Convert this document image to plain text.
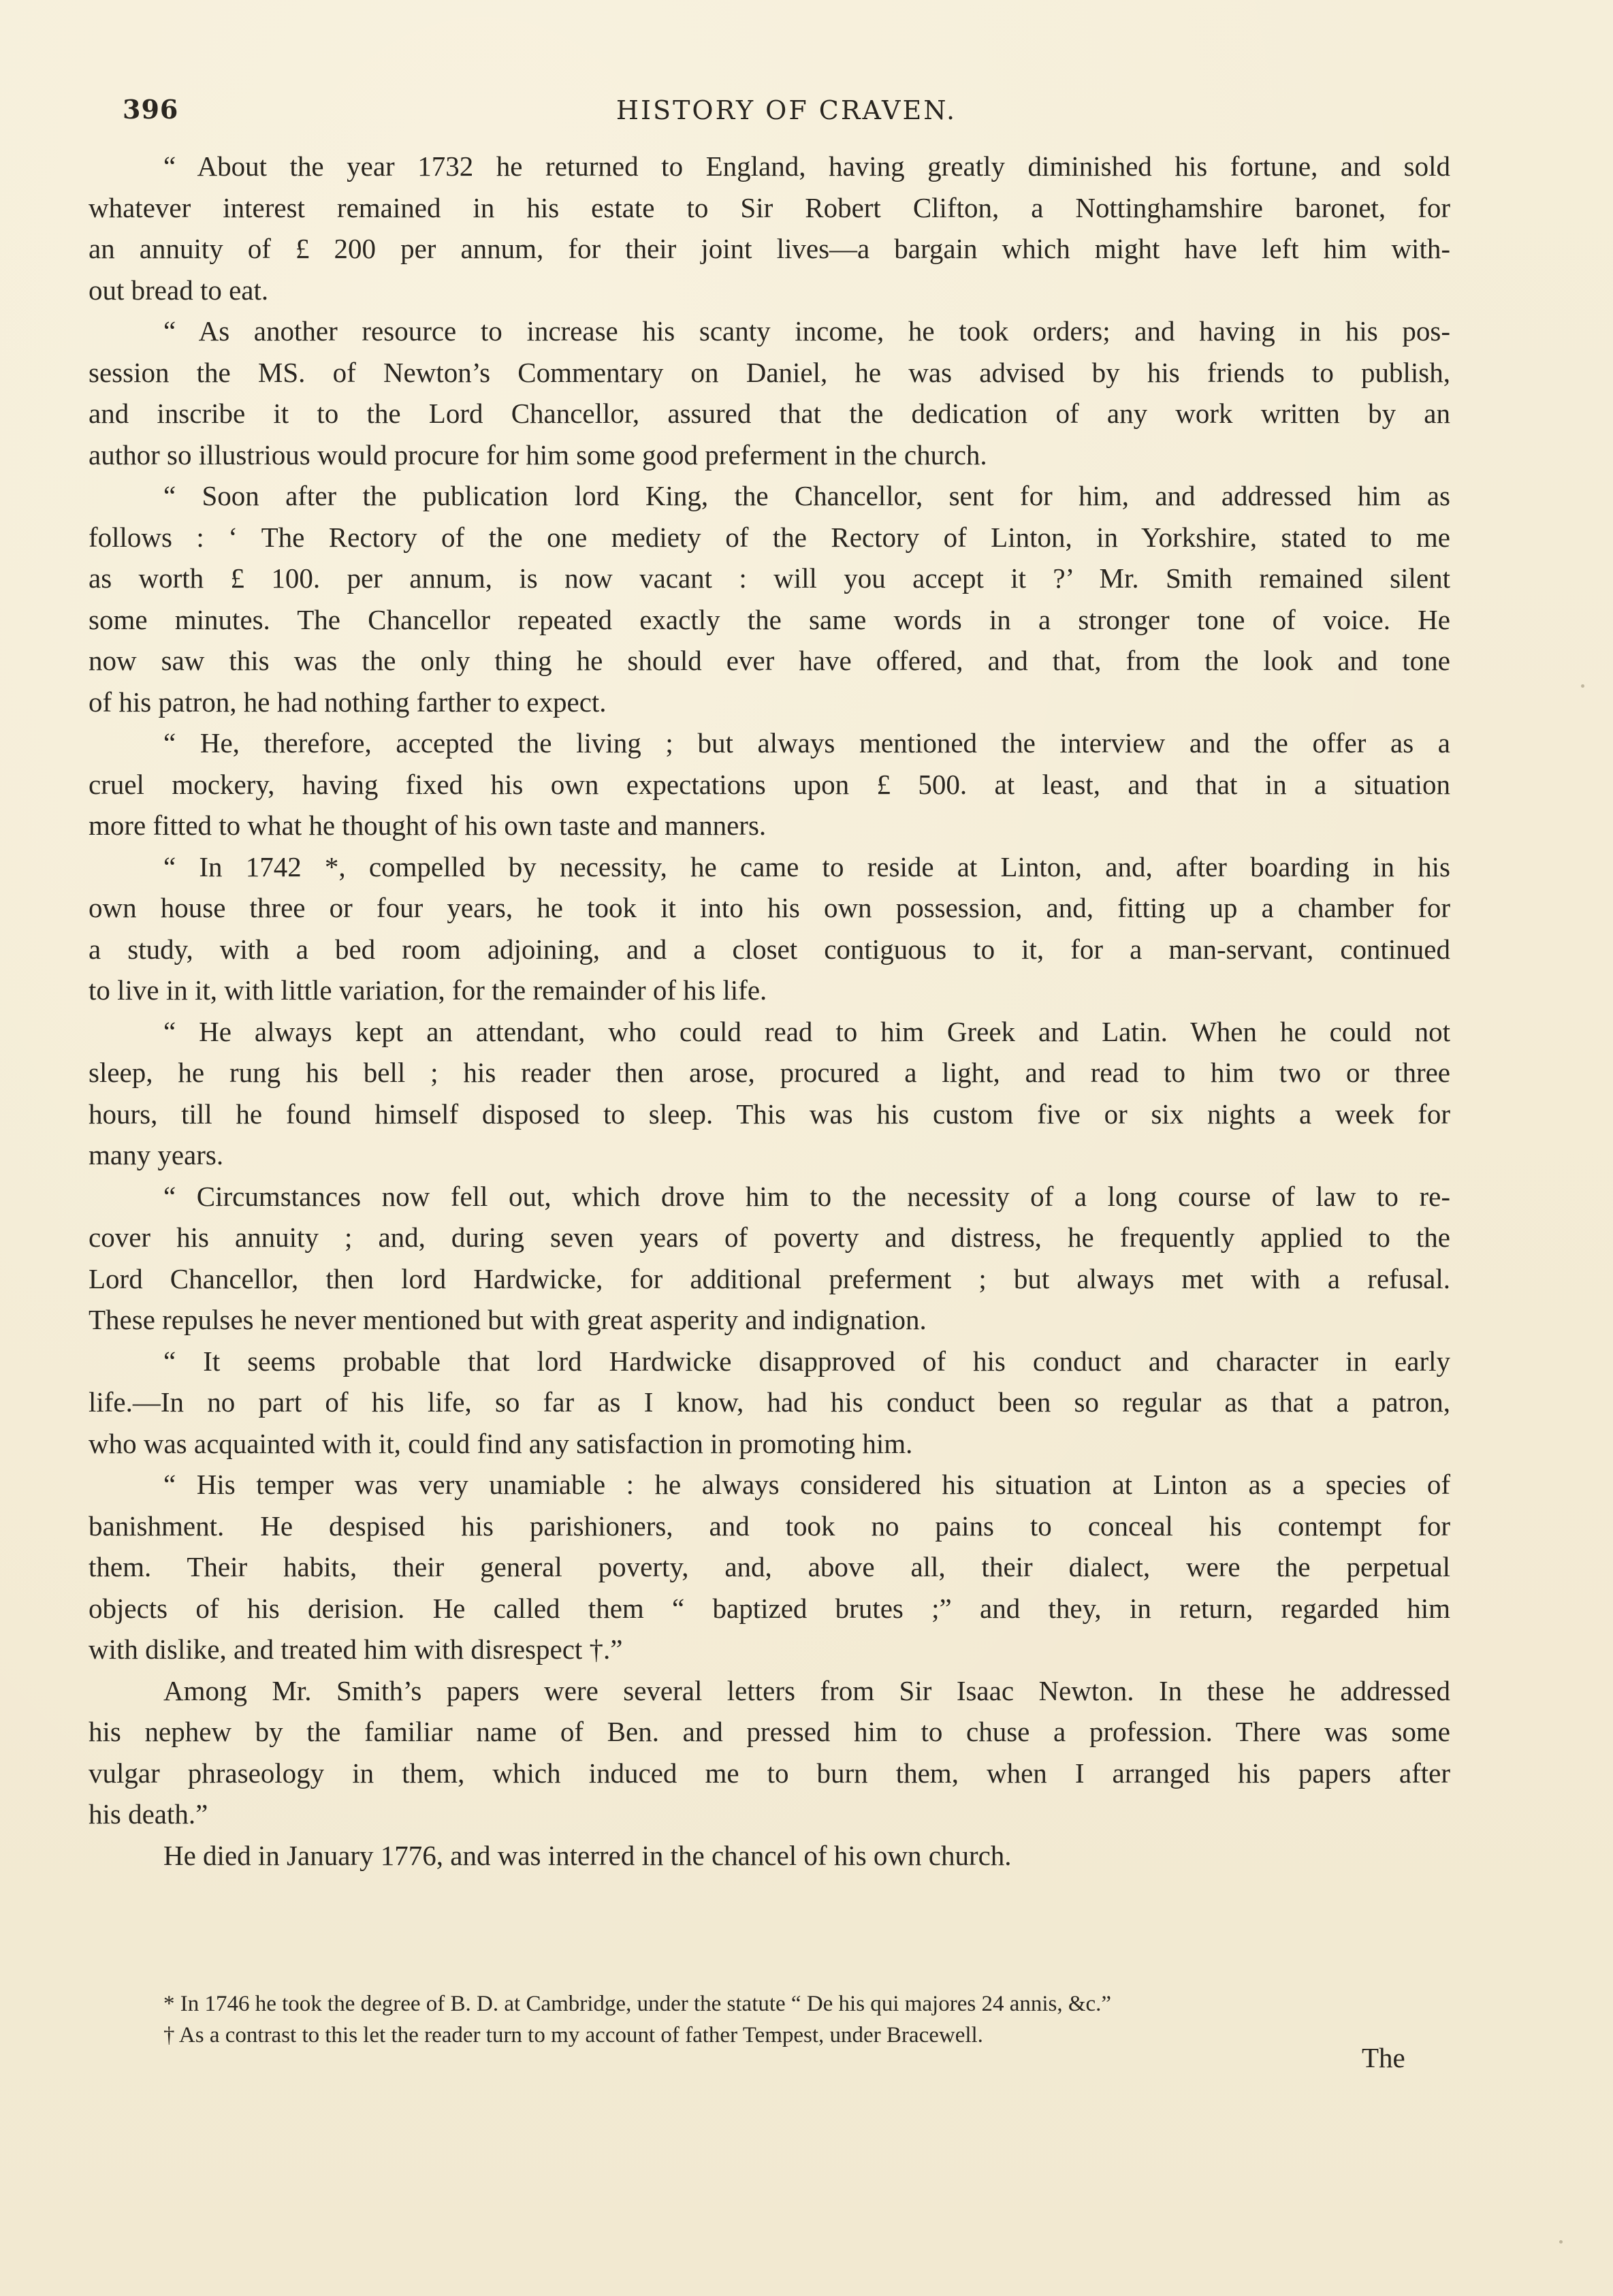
396	HISTORY OF CRAVEN.

“ About the year 1732 he returned to England, having greatly diminished his fortune, and sold
whatever interest remained in his estate to Sir Robert Clifton, a Nottinghamshire baronet, for
an annuity of £ 200 per annum, for their joint lives—a bargain which might have left him with-
out bread to eat.

“ As another resource to increase his scanty income, he took orders; and having in his pos-
session the MS. of Newton’s Commentary on Daniel, he was advised by his friends to publish,
and inscribe it to the Lord Chancellor, assured that the dedication of any work written by an
author so illustrious would procure for him some good preferment in the church.

“ Soon after the publication lord King, the Chancellor, sent for him, and addressed him as
follows : ‘ The Rectory of the one mediety of the Rectory of Linton, in Yorkshire, stated to me
as worth £ 100. per annum, is now vacant : will you accept it ?’ Mr. Smith remained silent
some minutes. The Chancellor repeated exactly the same words in a stronger tone of voice. He
now saw this was the only thing he should ever have offered, and that, from the look and tone
of his patron, he had nothing farther to expect.

“ He, therefore, accepted the living ; but always mentioned the interview and the offer as a
cruel mockery, having fixed his own expectations upon £ 500. at least, and that in a situation
more fitted to what he thought of his own taste and manners.

“ In 1742 *, compelled by necessity, he came to reside at Linton, and, after boarding in his
own house three or four years, he took it into his own possession, and, fitting up a chamber for
a study, with a bed room adjoining, and a closet contiguous to it, for a man-servant, continued
to live in it, with little variation, for the remainder of his life.

“ He always kept an attendant, who could read to him Greek and Latin. When he could not
sleep, he rung his bell ; his reader then arose, procured a light, and read to him two or three
hours, till he found himself disposed to sleep. This was his custom five or six nights a week for
many years.

“ Circumstances now fell out, which drove him to the necessity of a long course of law to re-
cover his annuity ; and, during seven years of poverty and distress, he frequently applied to the
Lord Chancellor, then lord Hardwicke, for additional preferment ; but always met with a refusal.
These repulses he never mentioned but with great asperity and indignation.

“ It seems probable that lord Hardwicke disapproved of his conduct and character in early
life.—In no part of his life, so far as I know, had his conduct been so regular as that a patron,
who was acquainted with it, could find any satisfaction in promoting him.

“ His temper was very unamiable : he always considered his situation at Linton as a species of
banishment. He despised his parishioners, and took no pains to conceal his contempt for
them. Their habits, their general poverty, and, above all, their dialect, were the perpetual
objects of his derision. He called them “ baptized brutes ;” and they, in return, regarded him
with dislike, and treated him with disrespect †.”

Among Mr. Smith’s papers were several letters from Sir Isaac Newton. In these he addressed
his nephew by the familiar name of Ben. and pressed him to chuse a profession. There was some
vulgar phraseology in them, which induced me to burn them, when I arranged his papers after
his death.”

He died in January 1776, and was interred in the chancel of his own church.

* In 1746 he took the degree of B. D. at Cambridge, under the statute “ De his qui majores 24 annis, &c.”

† As a contrast to this let the reader turn to my account of father Tempest, under Bracewell.

The
